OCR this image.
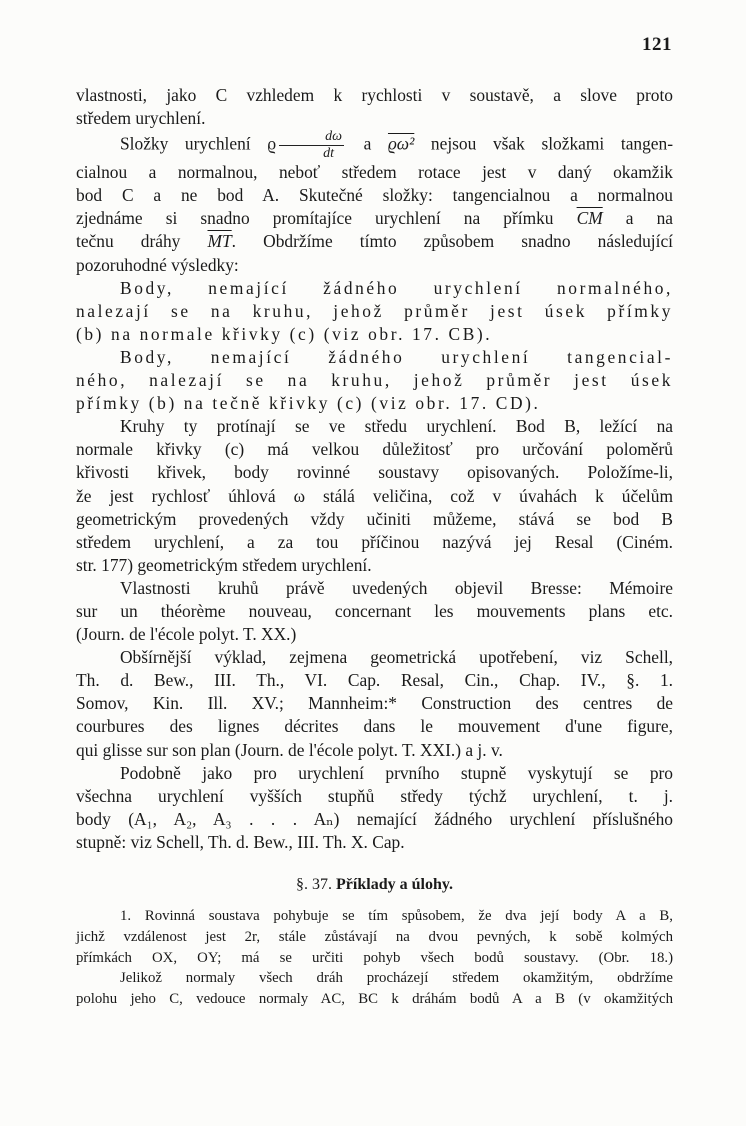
121

vlastnosti, jako C vzhledem k rychlosti v soustavě, a slove proto

středem urychlení.

Složky urychlení ϱ $\frac{d\omega}{dt}$ a ϱω² nejsou však složkami tangen-

cialnou a normalnou, neboť středem rotace jest v daný okamžik

bod C a ne bod A. Skutečné složky: tangencialnou a normalnou

zjednáme si snadno promítajíce urychlení na přímku $\overline{CM}$ a na

tečnu dráhy $\overline{MT}$. Obdržíme tímto způsobem snadno následující

pozoruhodné výsledky:

Body, nemající žádného urychlení normalného,

nalezají se na kruhu, jehož průměr jest úsek přímky

(b) na normale křivky (c) (viz obr. 17. CB).

Body, nemající žádného urychlení tangencial-

ného, nalezají se na kruhu, jehož průměr jest úsek

přímky (b) na tečně křivky (c) (viz obr. 17. CD).

Kruhy ty protínají se ve středu urychlení. Bod B, ležící na

normale křivky (c) má velkou důležitosť pro určování poloměrů

křivosti křivek, body rovinné soustavy opisovaných. Položíme-li,

že jest rychlosť úhlová ω stálá veličina, což v úvahách k účelům

geometrickým provedených vždy učiniti můžeme, stává se bod B

středem urychlení, a za tou příčinou nazývá jej Resal (Ciném.

str. 177) geometrickým středem urychlení.

Vlastnosti kruhů právě uvedených objevil Bresse: Mémoire

sur un théorème nouveau, concernant les mouvements plans etc.

(Journ. de l'école polyt. T. XX.)

Obšírnější výklad, zejmena geometrická upotřebení, viz Schell,

Th. d. Bew., III. Th., VI. Cap. Resal, Cin., Chap. IV., §. 1.

Somov, Kin. Ill. XV.; Mannheim:* Construction des centres de

courbures des lignes décrites dans le mouvement d'une figure,

qui glisse sur son plan (Journ. de l'école polyt. T. XXI.) a j. v.

Podobně jako pro urychlení prvního stupně vyskytují se pro

všechna urychlení vyšších stupňů středy týchž urychlení, t. j.

body (A₁, A₂, A₃ . . . Aₙ) nemající žádného urychlení příslušného

stupně: viz Schell, Th. d. Bew., III. Th. X. Cap.

§. 37. Příklady a úlohy.

1. Rovinná soustava pohybuje se tím spůsobem, že dva její body A a B,

jichž vzdálenost jest 2r, stále zůstávají na dvou pevných, k sobě kolmých

přímkách OX, OY; má se určiti pohyb všech bodů soustavy. (Obr. 18.)

Jelikož normaly všech dráh procházejí středem okamžitým, obdržíme

polohu jeho C, vedouce normaly AC, BC k dráhám bodů A a B (v okamžitých
